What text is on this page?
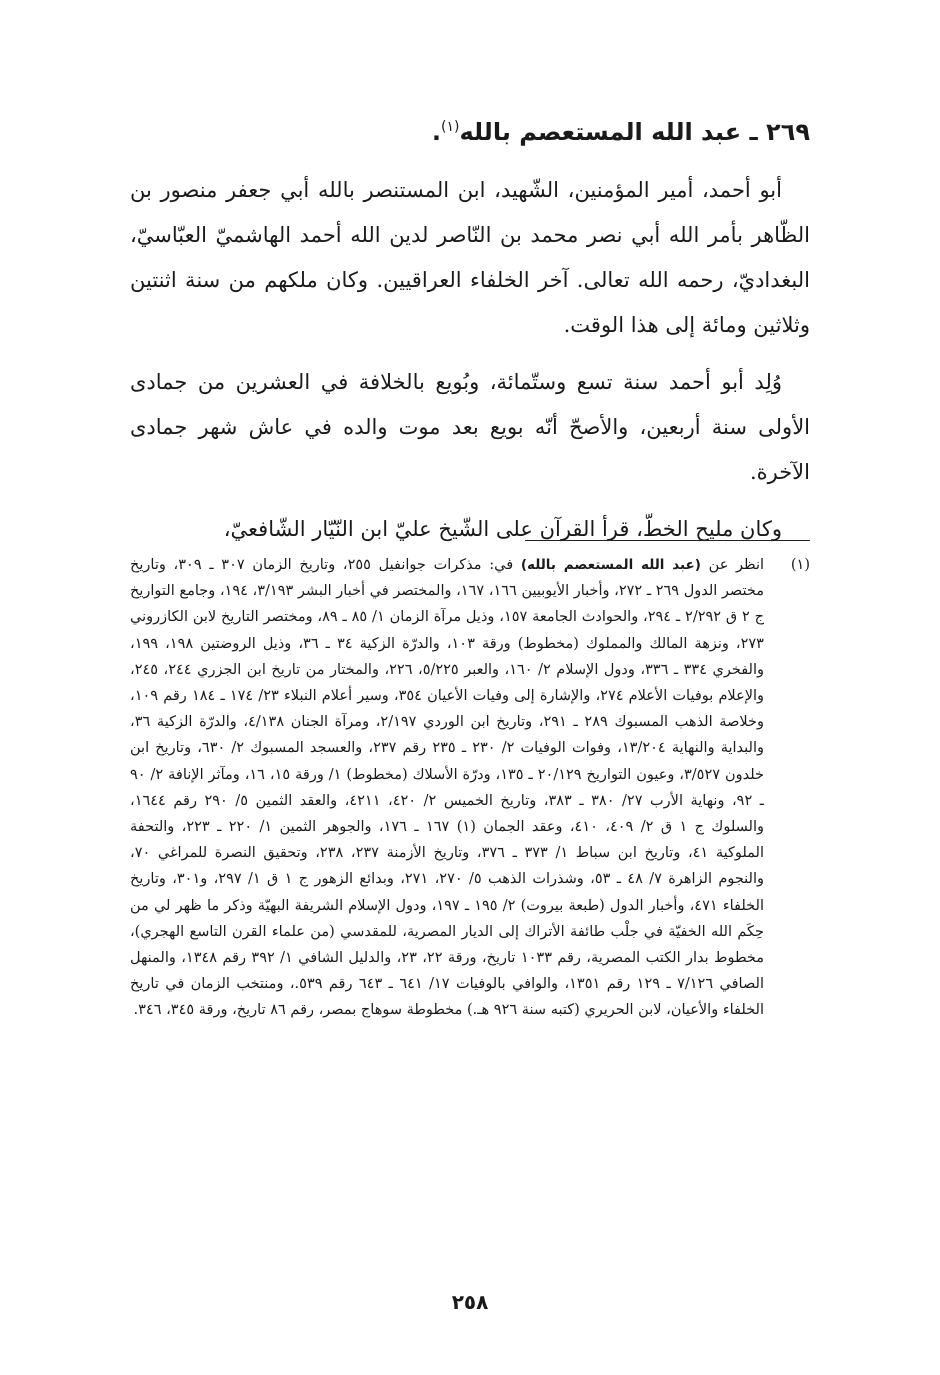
٢٦٩ ـ عبد الله المستعصم بالله$^{(١)}$.

أبو أحمد، أمير المؤمنين، الشّهيد، ابن المستنصر بالله أبي جعفر منصور بن الظّاهر بأمر الله أبي نصر محمد بن النّاصر لدين الله أحمد الهاشميّ العبّاسيّ، البغداديّ، رحمه الله تعالى. آخر الخلفاء العراقيين. وكان ملكهم من سنة اثنتين وثلاثين ومائة إلى هذا الوقت.

وُلِد أبو أحمد سنة تسع وستّمائة، وبُويع بالخلافة في العشرين من جمادى الأولى سنة أربعين، والأصحّ أنّه بويع بعد موت والده في عاش شهر جمادى الآخرة.

وكان مليح الخطّ، قرأ القرآن على الشّيخ عليّ ابن النّيّار الشّافعيّ،

(١)
انظر عن (عبد الله المستعصم بالله) في: مذكرات جوانفيل ٢٥٥، وتاريخ الزمان ٣٠٧ ـ ٣٠٩، وتاريخ مختصر الدول ٢٦٩ ـ ٢٧٢، وأخبار الأيوبيين ١٦٦، ١٦٧، والمختصر في أخبار البشر ٣/١٩٣، ١٩٤، وجامع التواريخ ج ٢ ق ٢/٢٩٢ ـ ٢٩٤، والحوادث الجامعة ١٥٧، وذيل مرآة الزمان ١/ ٨٥ ـ ٨٩، ومختصر التاريخ لابن الكازروني ٢٧٣، ونزهة المالك والمملوك (مخطوط) ورقة ١٠٣، والدرّة الزكية ٣٤ ـ ٣٦، وذيل الروضتين ١٩٨، ١٩٩، والفخري ٣٣٤ ـ ٣٣٦، ودول الإسلام ٢/ ١٦٠، والعبر ٥/٢٢٥، ٢٢٦، والمختار من تاريخ ابن الجزري ٢٤٤، ٢٤٥، والإعلام بوفيات الأعلام ٢٧٤، والإشارة إلى وفيات الأعيان ٣٥٤، وسير أعلام النبلاء ٢٣/ ١٧٤ ـ ١٨٤ رقم ١٠٩، وخلاصة الذهب المسبوك ٢٨٩ ـ ٢٩١، وتاريخ ابن الوردي ٢/١٩٧، ومرآة الجنان ٤/١٣٨، والدرّة الزكية ٣٦، والبداية والنهاية ١٣/٢٠٤، وفوات الوفيات ٢/ ٢٣٠ ـ ٢٣٥ رقم ٢٣٧، والعسجد المسبوك ٢/ ٦٣٠، وتاريخ ابن خلدون ٣/٥٢٧، وعيون التواريخ ٢٠/١٢٩ ـ ١٣٥، ودرّة الأسلاك (مخطوط) ١/ ورقة ١٥، ١٦، ومآثر الإنافة ٢/ ٩٠ ـ ٩٢، ونهاية الأرب ٢٧/ ٣٨٠ ـ ٣٨٣، وتاريخ الخميس ٢/ ٤٢٠، ٤٢١١، والعقد الثمين ٥/ ٢٩٠ رقم ١٦٤٤، والسلوك ج ١ ق ٢/ ٤٠٩، ٤١٠، وعقد الجمان (١) ١٦٧ ـ ١٧٦، والجوهر الثمين ١/ ٢٢٠ ـ ٢٢٣، والتحفة الملوكية ٤١، وتاريخ ابن سباط ١/ ٣٧٣ ـ ٣٧٦، وتاريخ الأزمنة ٢٣٧، ٢٣٨، وتحقيق النصرة للمراغي ٧٠، والنجوم الزاهرة ٧/ ٤٨ ـ ٥٣، وشذرات الذهب ٥/ ٢٧٠، ٢٧١، وبدائع الزهور ج ١ ق ١/ ٢٩٧، و٣٠١، وتاريخ الخلفاء ٤٧١، وأخبار الدول (طبعة بيروت) ٢/ ١٩٥ ـ ١٩٧، ودول الإسلام الشريفة البهيّة وذكر ما ظهر لي من حِكَم الله الخفيّة في جلْب طائفة الأتراك إلى الديار المصرية، للمقدسي (من علماء القرن التاسع الهجري)، مخطوط بدار الكتب المصرية، رقم ١٠٣٣ تاريخ، ورقة ٢٢، ٢٣، والدليل الشافي ١/ ٣٩٢ رقم ١٣٤٨، والمنهل الصافي ٧/١٢٦ ـ ١٢٩ رقم ١٣٥١، والوافي بالوفيات ١٧/ ٦٤١ ـ ٦٤٣ رقم ٥٣٩.، ومنتخب الزمان في تاريخ الخلفاء والأعيان، لابن الحريري (كتبه سنة ٩٢٦ هـ.) مخطوطة سوهاج بمصر، رقم ٨٦ تاريخ، ورقة ٣٤٥، ٣٤٦.
٢٥٨
